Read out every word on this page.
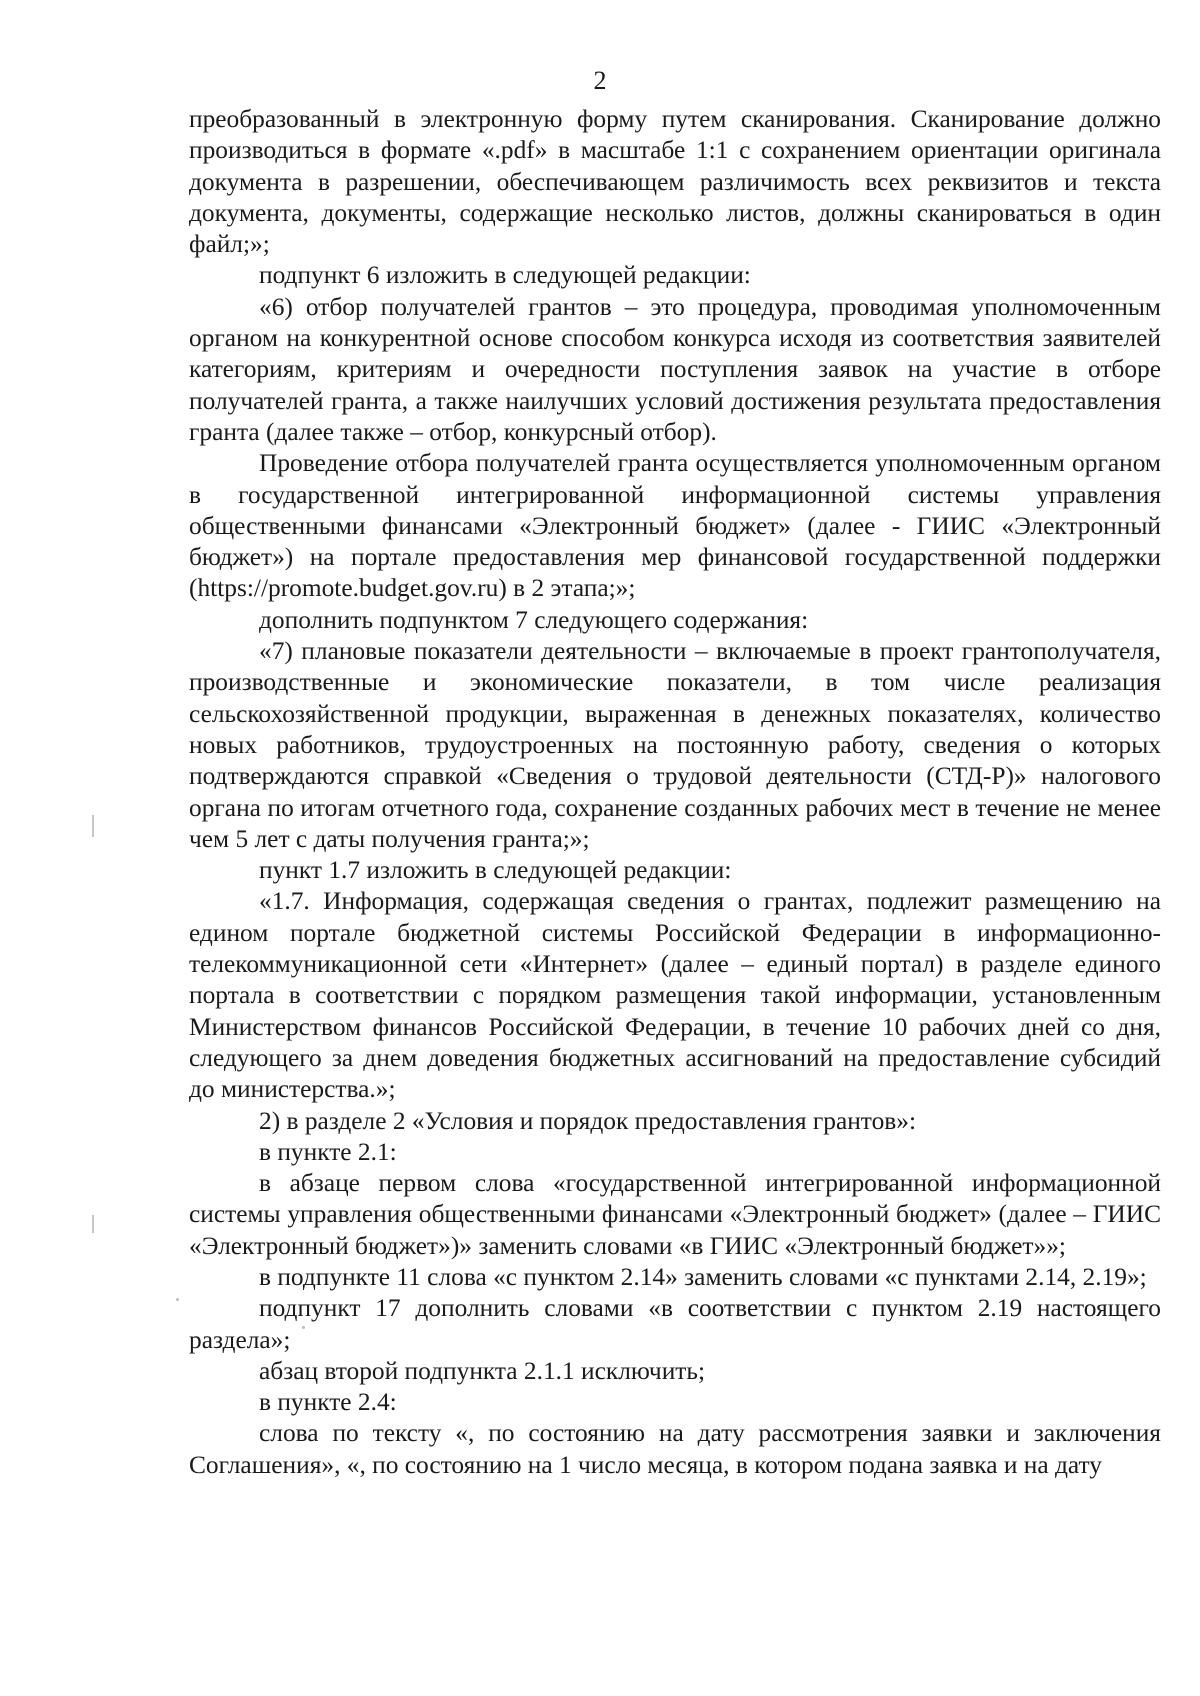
2

преобразованный в электронную форму путем сканирования. Сканирование должно производиться в формате «.pdf» в масштабе 1:1 с сохранением ориентации оригинала документа в разрешении, обеспечивающем различимость всех реквизитов и текста документа, документы, содержащие несколько листов, должны сканироваться в один файл;»;

подпункт 6 изложить в следующей редакции:

«6) отбор получателей грантов – это процедура, проводимая уполномоченным органом на конкурентной основе способом конкурса исходя из соответствия заявителей категориям, критериям и очередности поступления заявок на участие в отборе получателей гранта, а также наилучших условий достижения результата предоставления гранта (далее также – отбор, конкурсный отбор).

Проведение отбора получателей гранта осуществляется уполномоченным органом в государственной интегрированной информационной системы управления общественными финансами «Электронный бюджет» (далее - ГИИС «Электронный бюджет») на портале предоставления мер финансовой государственной поддержки (https://promote.budget.gov.ru) в 2 этапа;»;

дополнить подпунктом 7 следующего содержания:

«7) плановые показатели деятельности – включаемые в проект грантополучателя, производственные и экономические показатели, в том числе реализация сельскохозяйственной продукции, выраженная в денежных показателях, количество новых работников, трудоустроенных на постоянную работу, сведения о которых подтверждаются справкой «Сведения о трудовой деятельности (СТД-Р)» налогового органа по итогам отчетного года, сохранение созданных рабочих мест в течение не менее чем 5 лет с даты получения гранта;»;

пункт 1.7 изложить в следующей редакции:

«1.7. Информация, содержащая сведения о грантах, подлежит размещению на едином портале бюджетной системы Российской Федерации в информационно-телекоммуникационной сети «Интернет» (далее – единый портал) в разделе единого портала в соответствии с порядком размещения такой информации, установленным Министерством финансов Российской Федерации, в течение 10 рабочих дней со дня, следующего за днем доведения бюджетных ассигнований на предоставление субсидий до министерства.»;

2) в разделе 2 «Условия и порядок предоставления грантов»:

в пункте 2.1:

в абзаце первом слова «государственной интегрированной информационной системы управления общественными финансами «Электронный бюджет» (далее – ГИИС «Электронный бюджет»)» заменить словами «в ГИИС «Электронный бюджет»»;

в подпункте 11 слова «с пунктом 2.14» заменить словами «с пунктами 2.14, 2.19»;

подпункт 17 дополнить словами «в соответствии с пунктом 2.19 настоящего раздела»;

абзац второй подпункта 2.1.1 исключить;

в пункте 2.4:

слова по тексту «, по состоянию на дату рассмотрения заявки и заключения Соглашения», «, по состоянию на 1 число месяца, в котором подана заявка и на дату
